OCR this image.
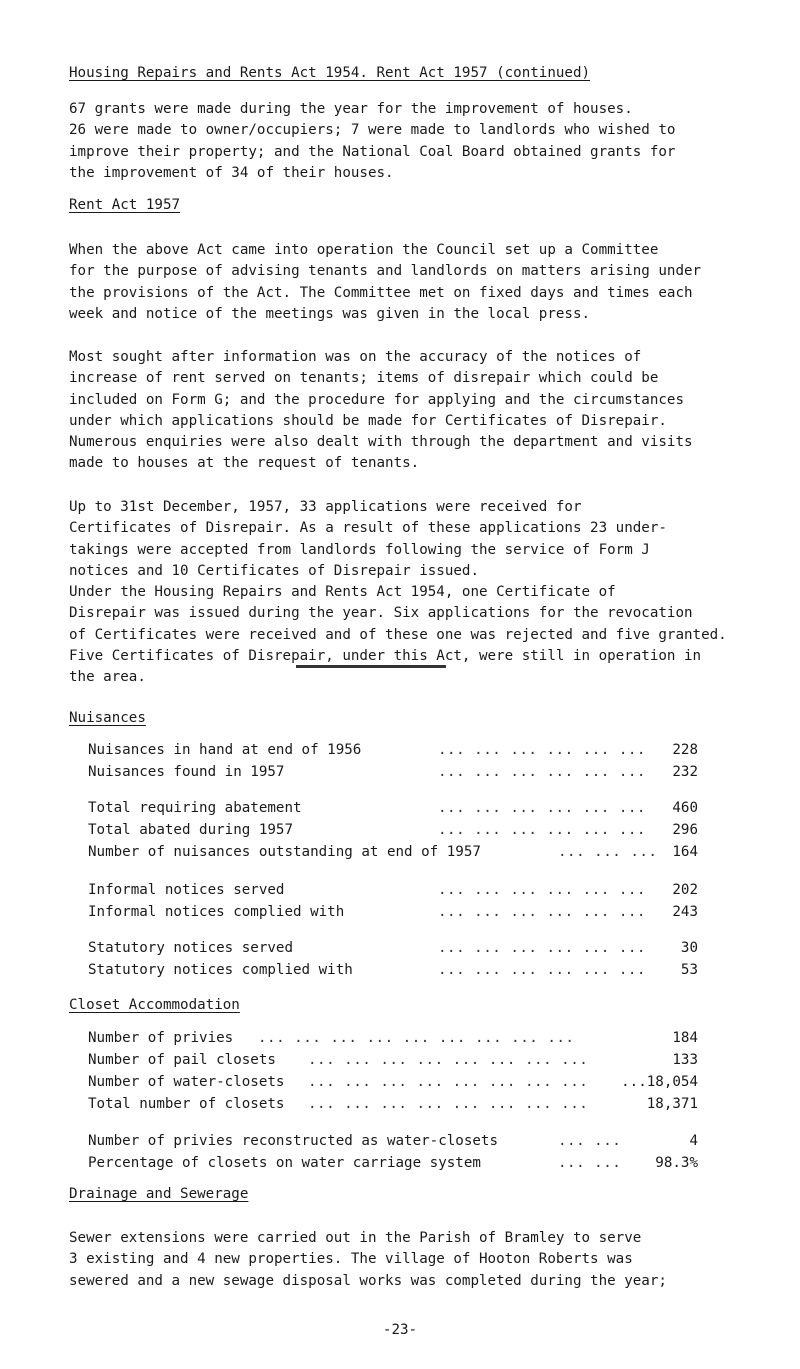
Housing Repairs and Rents Act 1954. Rent Act 1957 (continued)
67 grants were made during the year for the improvement of houses.
26 were made to owner/occupiers; 7 were made to landlords who wished to
improve their property; and the National Coal Board obtained grants for
the improvement of 34 of their houses.
Rent Act 1957
When the above Act came into operation the Council set up a Committee
for the purpose of advising tenants and landlords on matters arising under
the provisions of the Act. The Committee met on fixed days and times each
week and notice of the meetings was given in the local press.
Most sought after information was on the accuracy of the notices of
increase of rent served on tenants; items of disrepair which could be
included on Form G; and the procedure for applying and the circumstances
under which applications should be made for Certificates of Disrepair.
Numerous enquiries were also dealt with through the department and visits
made to houses at the request of tenants.
Up to 31st December, 1957, 33 applications were received for
Certificates of Disrepair. As a result of these applications 23 under-
takings were accepted from landlords following the service of Form J
notices and 10 Certificates of Disrepair issued.
Under the Housing Repairs and Rents Act 1954, one Certificate of
Disrepair was issued during the year. Six applications for the revocation
of Certificates were received and of these one was rejected and five granted.
Five Certificates of Disrepair, under this Act, were still in operation in
the area.
Nuisances
Nuisances in hand at end of 1956	... ... ... ... ... ... 228
Nuisances found in 1957	... ... ... ... ... ... 232
Total requiring abatement	... ... ... ... ... ... 460
Total abated during 1957	... ... ... ... ... ... 296
Number of nuisances outstanding at end of 1957	... ... ... 164
Informal notices served	... ... ... ... ... ... 202
Informal notices complied with	... ... ... ... ... ... 243
Statutory notices served	... ... ... ... ... ... 30
Statutory notices complied with	... ... ... ... ... ... 53
Closet Accommodation
Number of privies ... ... ... ... ... ... ... ... ...	184
Number of pail closets ... ... ... ... ... ... ... ...	133
Number of water-closets ... ... ... ... ... ... ... ... ...18,054
Total number of closets ... ... ... ... ... ... ... ...	18,371
Number of privies reconstructed as water-closets	... ...	4
Percentage of closets on water carriage system	... ... 98.3%
Drainage and Sewerage
Sewer extensions were carried out in the Parish of Bramley to serve
3 existing and 4 new properties. The village of Hooton Roberts was
sewered and a new sewage disposal works was completed during the year;
-23-
